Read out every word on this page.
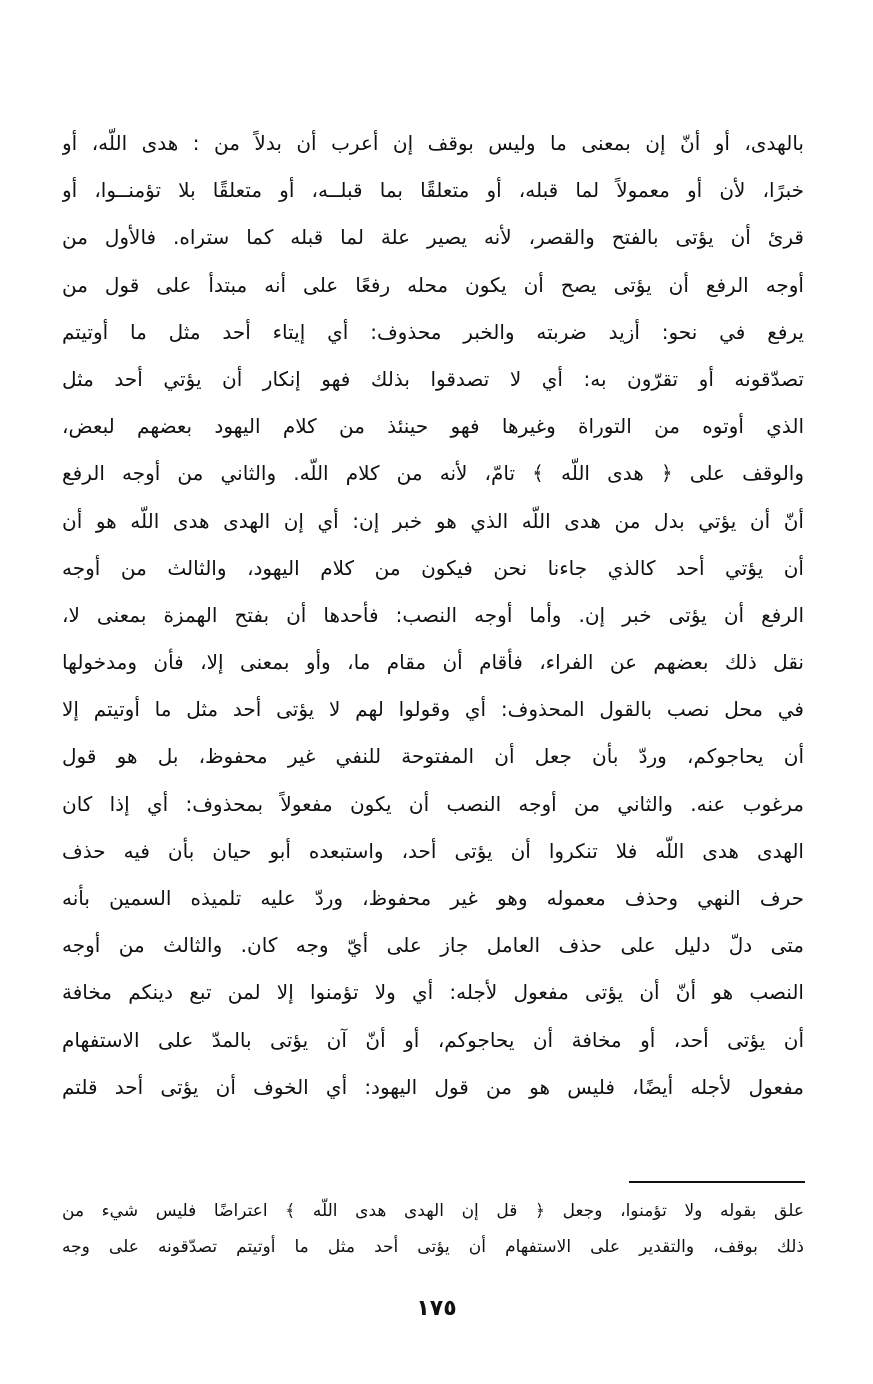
بالهدى، أو أنّ إن بمعنى ما وليس بوقف إن أعرب أن بدلاً من : هدى اللّه، أو
خبرًا، لأن أو معمولاً لما قبله، أو متعلقًا بما قبلــه، أو متعلقًا بلا تؤمنــوا، أو
قرئ أن يؤتى بالفتح والقصر، لأنه يصير علة لما قبله كما ستراه. فالأول من
أوجه الرفع أن يؤتى يصح أن يكون محله رفعًا على أنه مبتدأ على قول من
يرفع في نحو: أزيد ضربته والخبر محذوف: أي إيتاء أحد مثل ما أوتيتم
تصدّقونه أو تقرّون به: أي لا تصدقوا بذلك فهو إنكار أن يؤتي أحد مثل
الذي أوتوه من التوراة وغيرها فهو حينئذ من كلام اليهود بعضهم لبعض،
والوقف على ﴿ هدى اللّه ﴾ تامّ، لأنه من كلام اللّه. والثاني من أوجه الرفع
أنّ أن يؤتي بدل من هدى اللّه الذي هو خبر إن: أي إن الهدى هدى اللّه هو أن
أن يؤتي أحد كالذي جاءنا نحن فيكون من كلام اليهود، والثالث من أوجه
الرفع أن يؤتى خبر إن. وأما أوجه النصب: فأحدها أن بفتح الهمزة بمعنى لا،
نقل ذلك بعضهم عن الفراء، فأقام أن مقام ما، وأو بمعنى إلا، فأن ومدخولها
في محل نصب بالقول المحذوف: أي وقولوا لهم لا يؤتى أحد مثل ما أوتيتم إلا
أن يحاجوكم، وردّ بأن جعل أن المفتوحة للنفي غير محفوظ، بل هو قول
مرغوب عنه. والثاني من أوجه النصب أن يكون مفعولاً بمحذوف: أي إذا كان
الهدى هدى اللّه فلا تنكروا أن يؤتى أحد، واستبعده أبو حيان بأن فيه حذف
حرف النهي وحذف معموله وهو غير محفوظ، وردّ عليه تلميذه السمين بأنه
متى دلّ دليل على حذف العامل جاز على أيّ وجه كان. والثالث من أوجه
النصب هو أنّ أن يؤتى مفعول لأجله: أي ولا تؤمنوا إلا لمن تبع دينكم مخافة
أن يؤتى أحد، أو مخافة أن يحاجوكم، أو أنّ آن يؤتى بالمدّ على الاستفهام
مفعول لأجله أيضًا، فليس هو من قول اليهود: أي الخوف أن يؤتى أحد قلتم
علق بقوله ولا تؤمنوا، وجعل ﴿ قل إن الهدى هدى اللّه ﴾ اعتراضًا فليس شيء من
ذلك بوقف، والتقدير على الاستفهام أن يؤتى أحد مثل ما أوتيتم تصدّقونه على وجه
١٧٥
